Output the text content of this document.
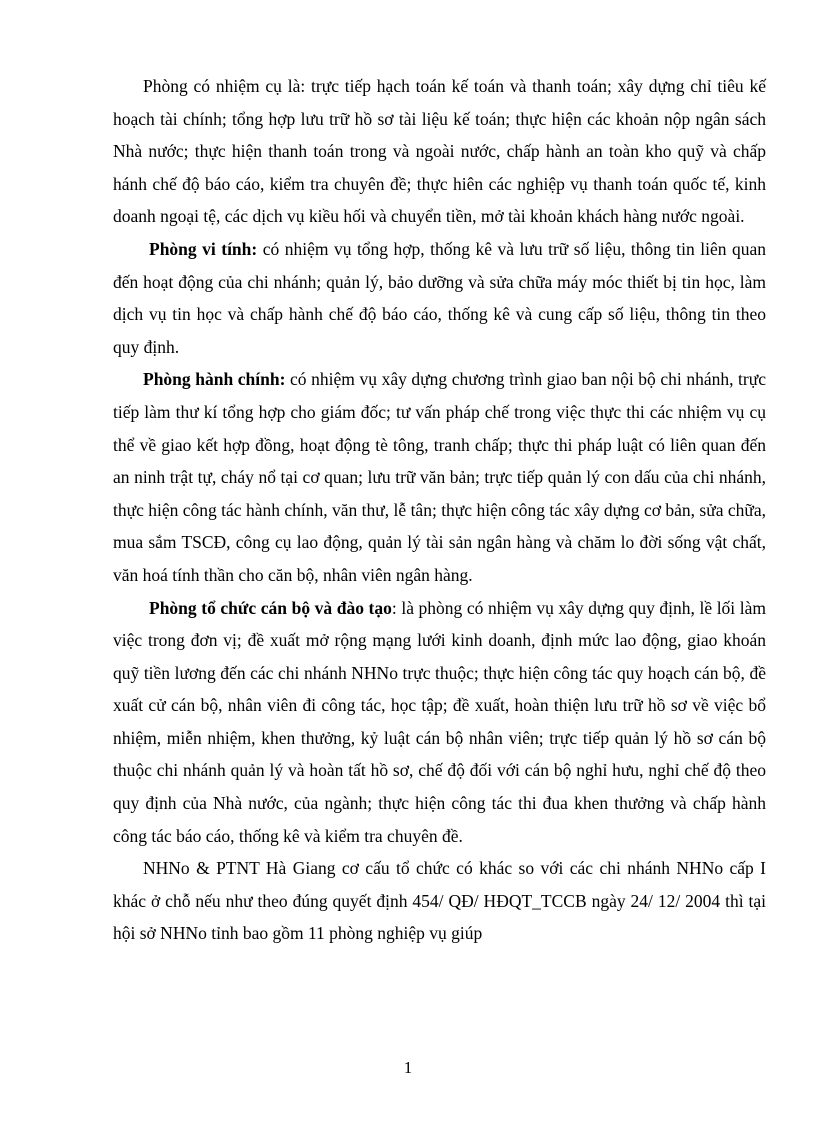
Phòng có nhiệm cụ là: trực tiếp hạch toán kế toán và thanh toán; xây dựng chỉ tiêu kế hoạch tài chính; tổng hợp lưu trữ hồ sơ tài liệu kế toán; thực hiện các khoản nộp ngân sách Nhà nước; thực hiện thanh toán trong và ngoài nước, chấp hành an toàn kho quỹ và chấp hánh chế độ báo cáo, kiểm tra chuyên đề; thực hiên các nghiệp vụ thanh toán quốc tế, kinh doanh ngoại tệ, các dịch vụ kiều hối và chuyển tiền, mở tài khoản khách hàng nước ngoài.

Phòng vi tính: có nhiệm vụ tổng hợp, thống kê và lưu trữ số liệu, thông tin liên quan đến hoạt động của chi nhánh; quản lý, bảo dưỡng và sửa chữa máy móc thiết bị tin học, làm dịch vụ tin học và chấp hành chế độ báo cáo, thống kê và cung cấp số liệu, thông tin theo quy định.

Phòng hành chính: có nhiệm vụ xây dựng chương trình giao ban nội bộ chi nhánh, trực tiếp làm thư kí tổng hợp cho giám đốc; tư vấn pháp chế trong việc thực thi các nhiệm vụ cụ thể về giao kết hợp đồng, hoạt động tè tông, tranh chấp; thực thi pháp luật có liên quan đến an ninh trật tự, cháy nổ tại cơ quan; lưu trữ văn bản; trực tiếp quản lý con dấu của chi nhánh, thực hiện công tác hành chính, văn thư, lễ tân; thực hiện công tác xây dựng cơ bản, sửa chữa, mua sắm TSCĐ, công cụ lao động, quản lý tài sản ngân hàng và chăm lo đời sống vật chất, văn hoá tính thần cho căn bộ, nhân viên ngân hàng.

Phòng tổ chức cán bộ và đào tạo: là phòng có nhiệm vụ xây dựng quy định, lề lối làm việc trong đơn vị; đề xuất mở rộng mạng lưới kinh doanh, định mức lao động, giao khoán quỹ tiền lương đến các chi nhánh NHNo trực thuộc; thực hiện công tác quy hoạch cán bộ, đề xuất cử cán bộ, nhân viên đi công tác, học tập; đề xuất, hoàn thiện lưu trữ hồ sơ về việc bổ nhiệm, miễn nhiệm, khen thưởng, kỷ luật cán bộ nhân viên; trực tiếp quản lý hồ sơ cán bộ thuộc chi nhánh quản lý và hoàn tất hồ sơ, chế độ đối với cán bộ nghỉ hưu, nghỉ chế độ theo quy định của Nhà nước, của ngành; thực hiện công tác thi đua khen thưởng và chấp hành công tác báo cáo, thống kê và kiểm tra chuyên đề.

NHNo & PTNT Hà Giang cơ cấu tổ chức có khác so với các chi nhánh NHNo cấp I khác ở chỗ nếu như theo đúng quyết định 454/ QĐ/ HĐQT_TCCB ngày 24/ 12/ 2004 thì tại hội sở NHNo tỉnh bao gồm 11 phòng nghiệp vụ giúp

1
